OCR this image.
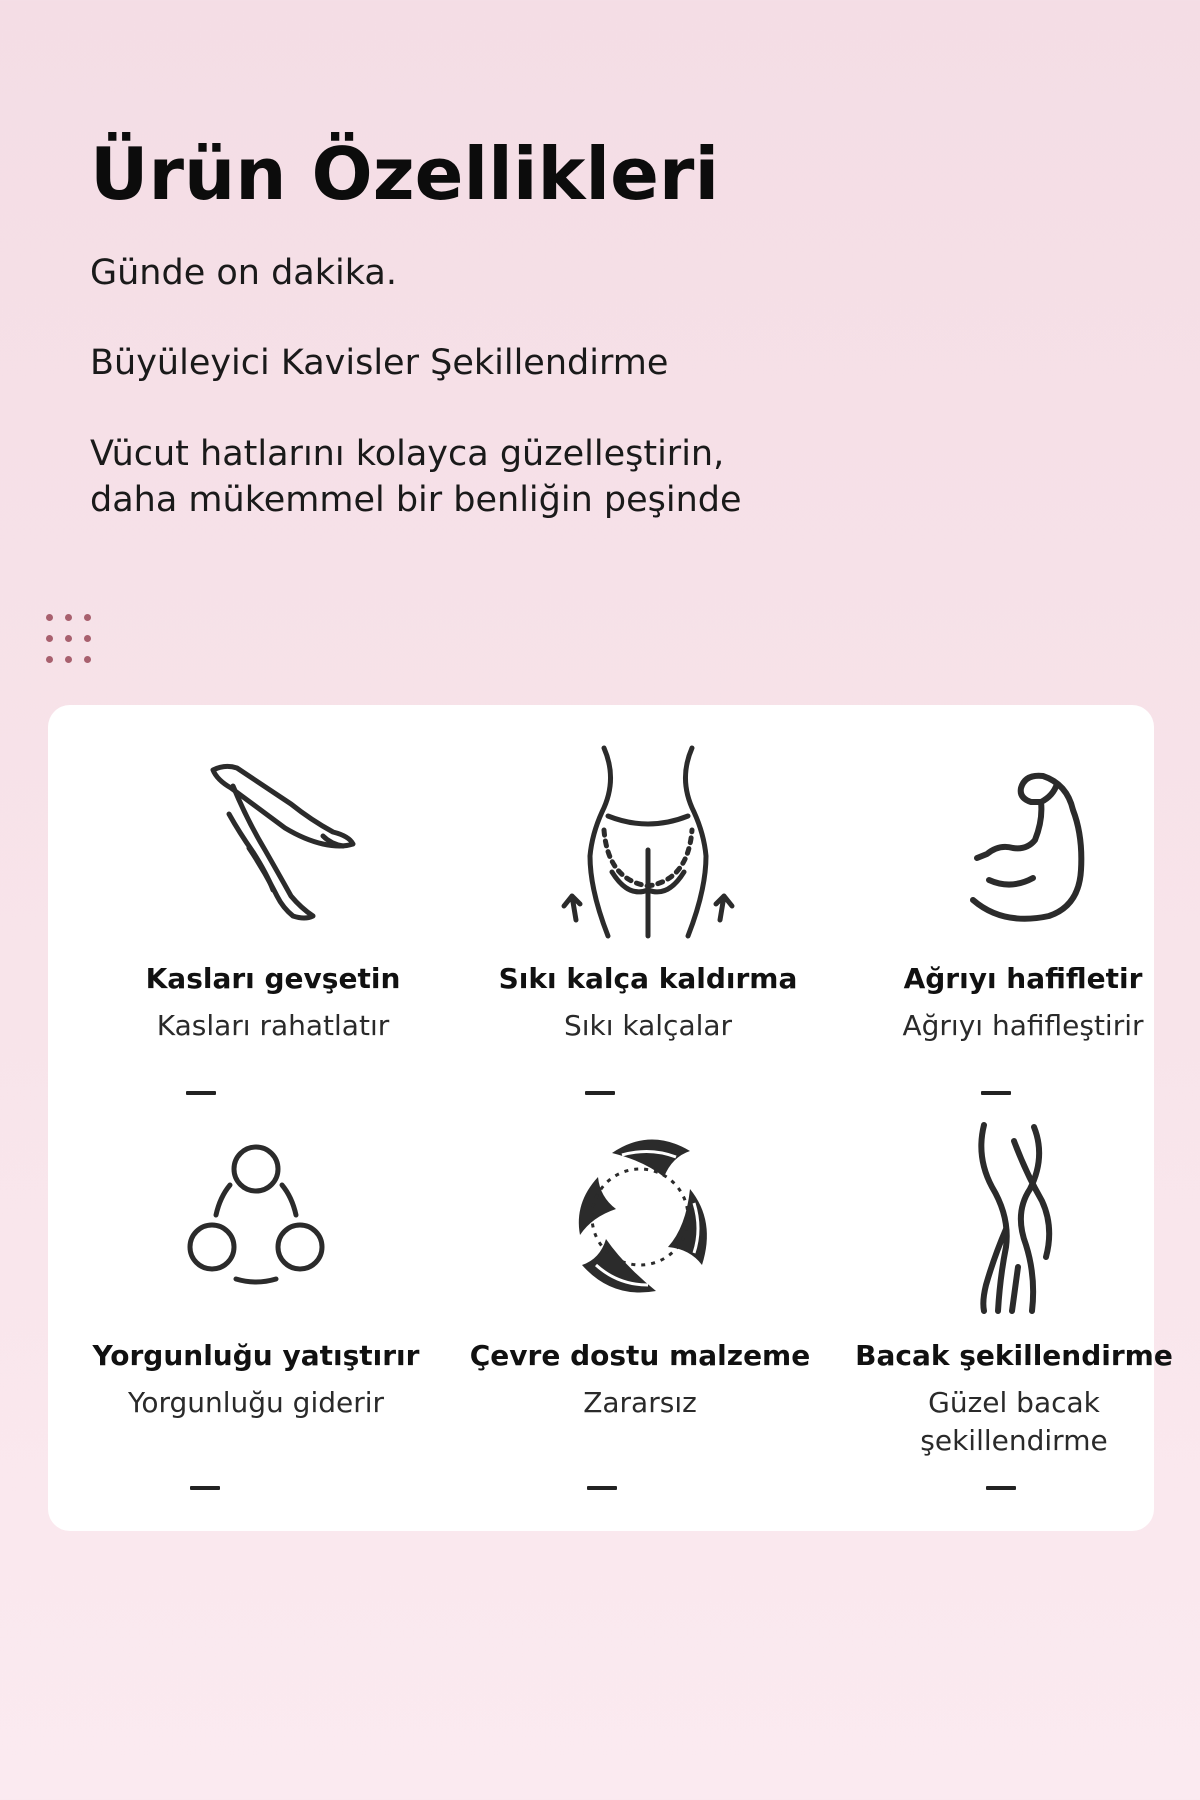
Ürün Özellikleri

Günde on dakika.

Büyüleyici Kavisler Şekillendirme

Vücut hatlarını kolayca güzelleştirin,

daha mükemmel bir benliğin peşinde

Kasları gevşetin

Kasları rahatlatır

Sıkı kalça kaldırma

Sıkı kalçalar

Ağrıyı hafifletir

Ağrıyı hafifleştirir

Yorgunluğu yatıştırır

Yorgunluğu giderir

Çevre dostu malzeme

Zararsız

Bacak şekillendirme

Güzel bacak

şekillendirme
